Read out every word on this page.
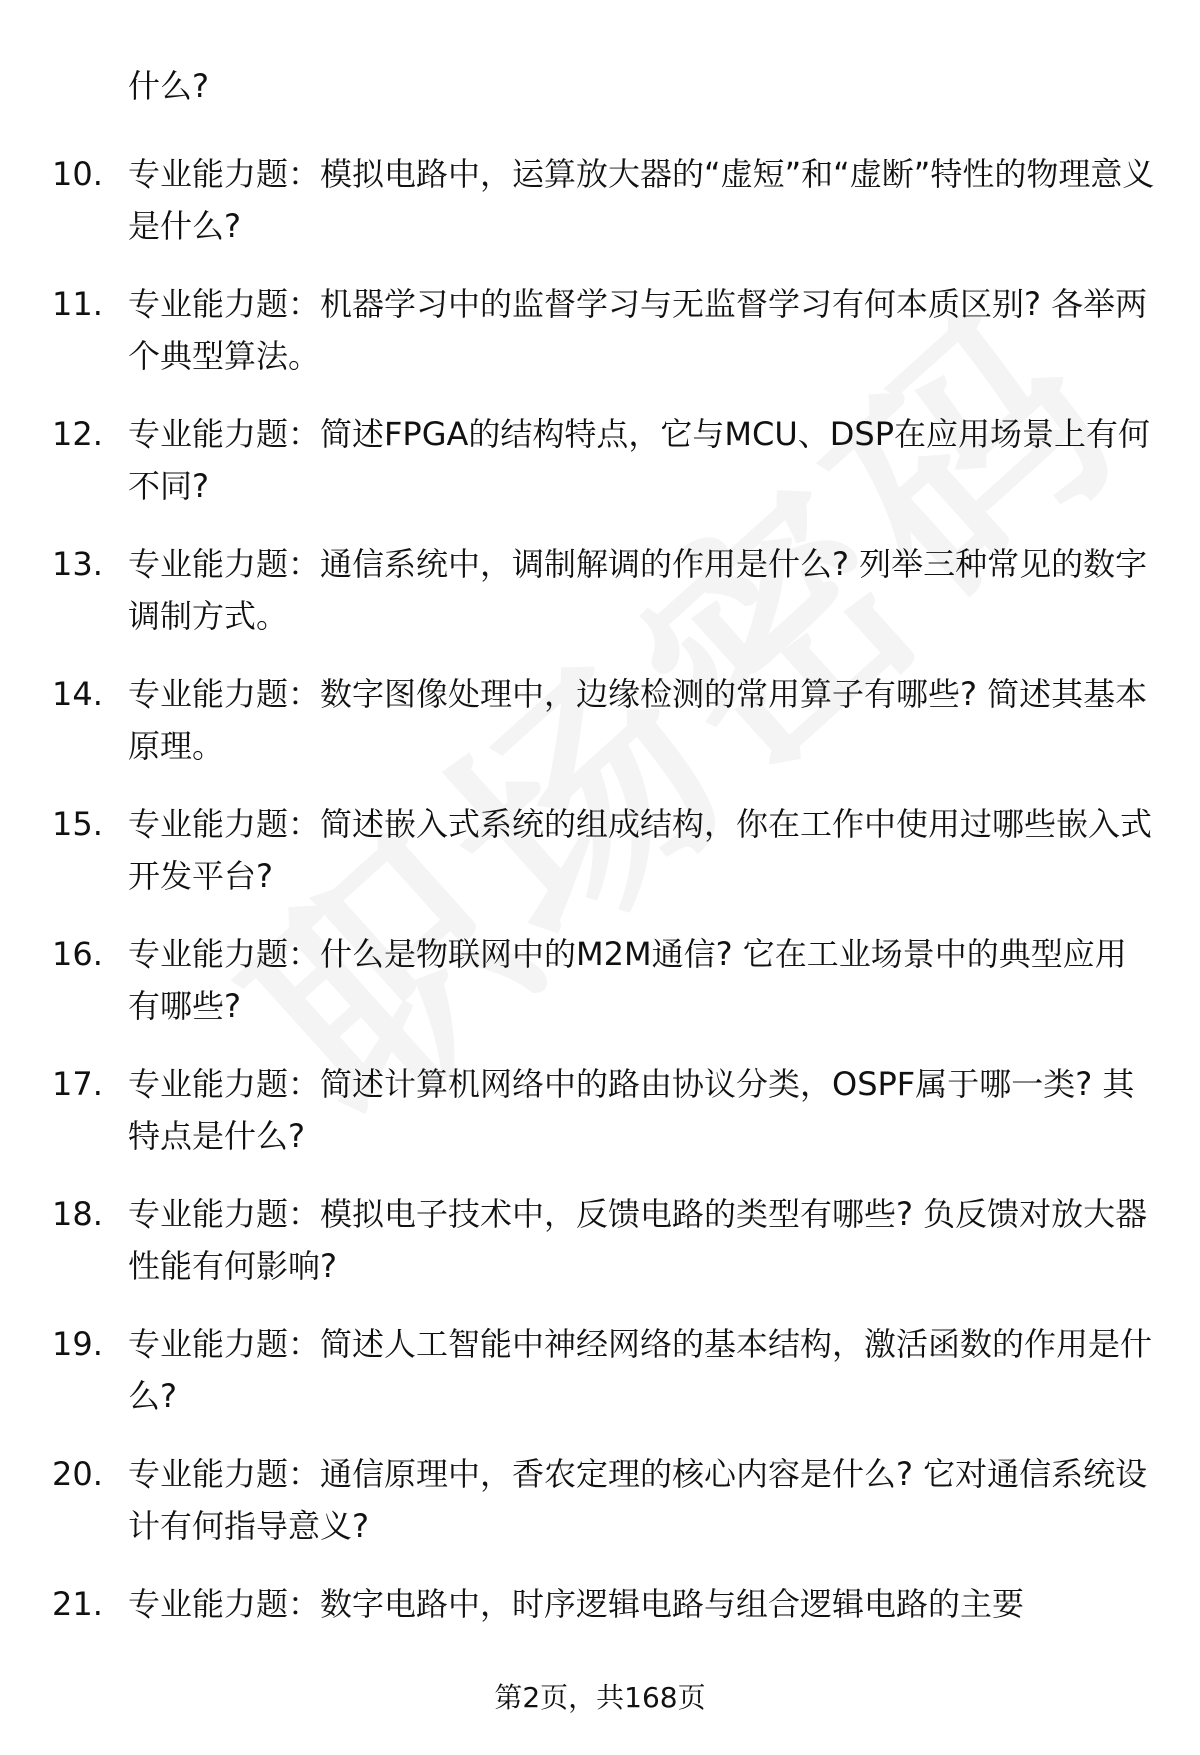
什么?
10. 专业能力题：模拟电路中，运算放大器的“虚短”和“虚断”特性的物理意义是什么?
11. 专业能力题：机器学习中的监督学习与无监督学习有何本质区别? 各举两个典型算法。
12. 专业能力题：简述FPGA的结构特点，它与MCU、DSP在应用场景上有何不同?
13. 专业能力题：通信系统中，调制解调的作用是什么? 列举三种常见的数字调制方式。
14. 专业能力题：数字图像处理中，边缘检测的常用算子有哪些? 简述其基本原理。
15. 专业能力题：简述嵌入式系统的组成结构，你在工作中使用过哪些嵌入式开发平台?
16. 专业能力题：什么是物联网中的M2M通信? 它在工业场景中的典型应用有哪些?
17. 专业能力题：简述计算机网络中的路由协议分类，OSPF属于哪一类? 其特点是什么?
18. 专业能力题：模拟电子技术中，反馈电路的类型有哪些? 负反馈对放大器性能有何影响?
19. 专业能力题：简述人工智能中神经网络的基本结构，激活函数的作用是什么?
20. 专业能力题：通信原理中，香农定理的核心内容是什么? 它对通信系统设计有何指导意义?
21. 专业能力题：数字电路中，时序逻辑电路与组合逻辑电路的主要
第2页，共168页
